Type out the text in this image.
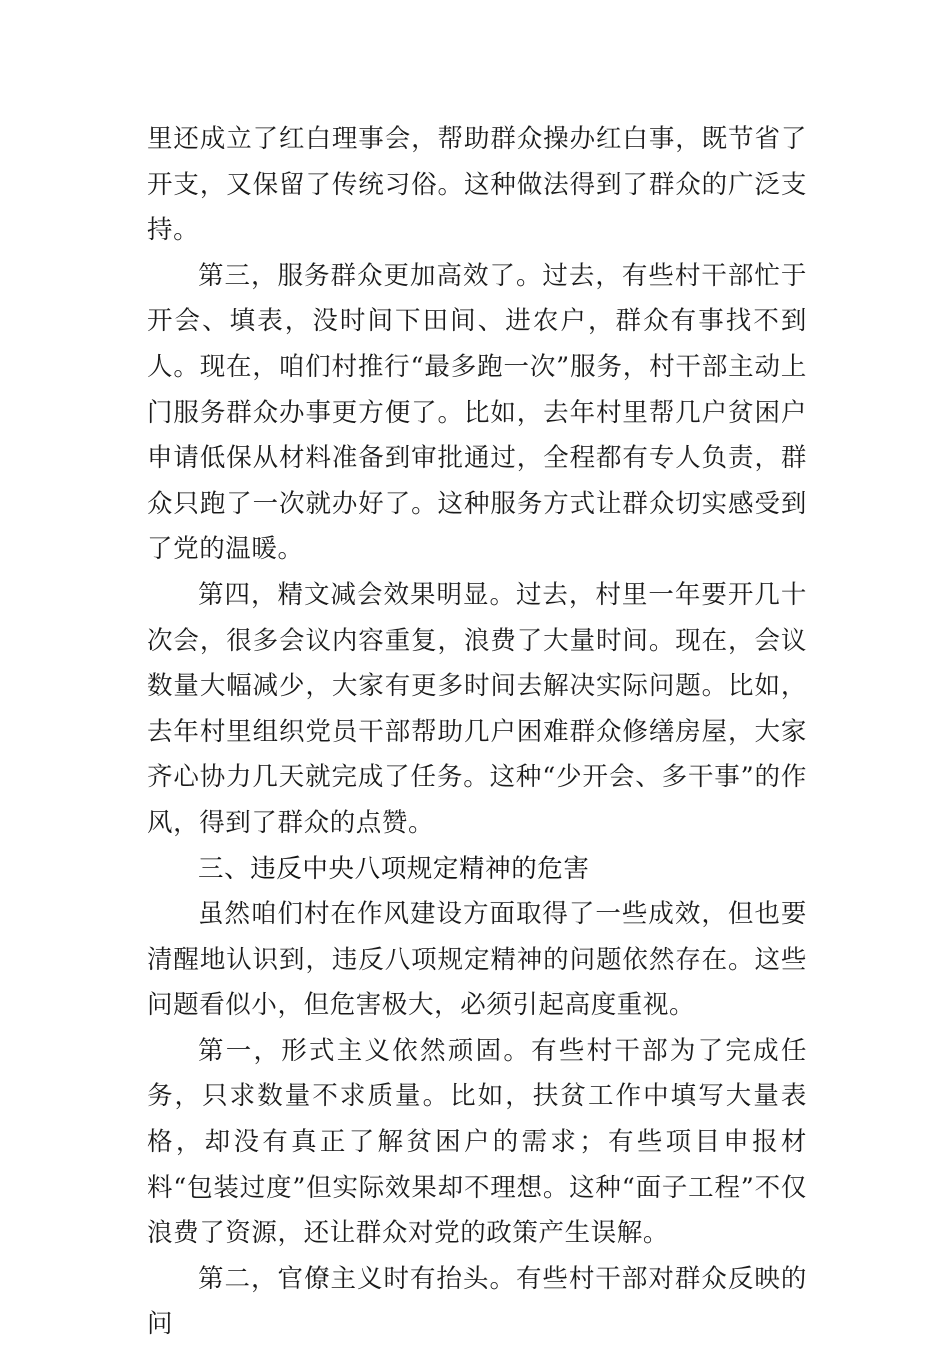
里还成立了红白理事会，帮助群众操办红白事，既节省了开支，又保留了传统习俗。这种做法得到了群众的广泛支持。

第三，服务群众更加高效了。过去，有些村干部忙于开会、填表，没时间下田间、进农户，群众有事找不到人。现在，咱们村推行“最多跑一次”服务，村干部主动上门服务群众办事更方便了。比如，去年村里帮几户贫困户申请低保从材料准备到审批通过，全程都有专人负责，群众只跑了一次就办好了。这种服务方式让群众切实感受到了党的温暖。

第四，精文减会效果明显。过去，村里一年要开几十次会，很多会议内容重复，浪费了大量时间。现在，会议数量大幅减少，大家有更多时间去解决实际问题。比如，去年村里组织党员干部帮助几户困难群众修缮房屋，大家齐心协力几天就完成了任务。这种“少开会、多干事”的作风，得到了群众的点赞。

三、违反中央八项规定精神的危害

虽然咱们村在作风建设方面取得了一些成效，但也要清醒地认识到，违反八项规定精神的问题依然存在。这些问题看似小，但危害极大，必须引起高度重视。

第一，形式主义依然顽固。有些村干部为了完成任务，只求数量不求质量。比如，扶贫工作中填写大量表格，却没有真正了解贫困户的需求；有些项目申报材料“包装过度”但实际效果却不理想。这种“面子工程”不仅浪费了资源，还让群众对党的政策产生误解。

第二，官僚主义时有抬头。有些村干部对群众反映的问
